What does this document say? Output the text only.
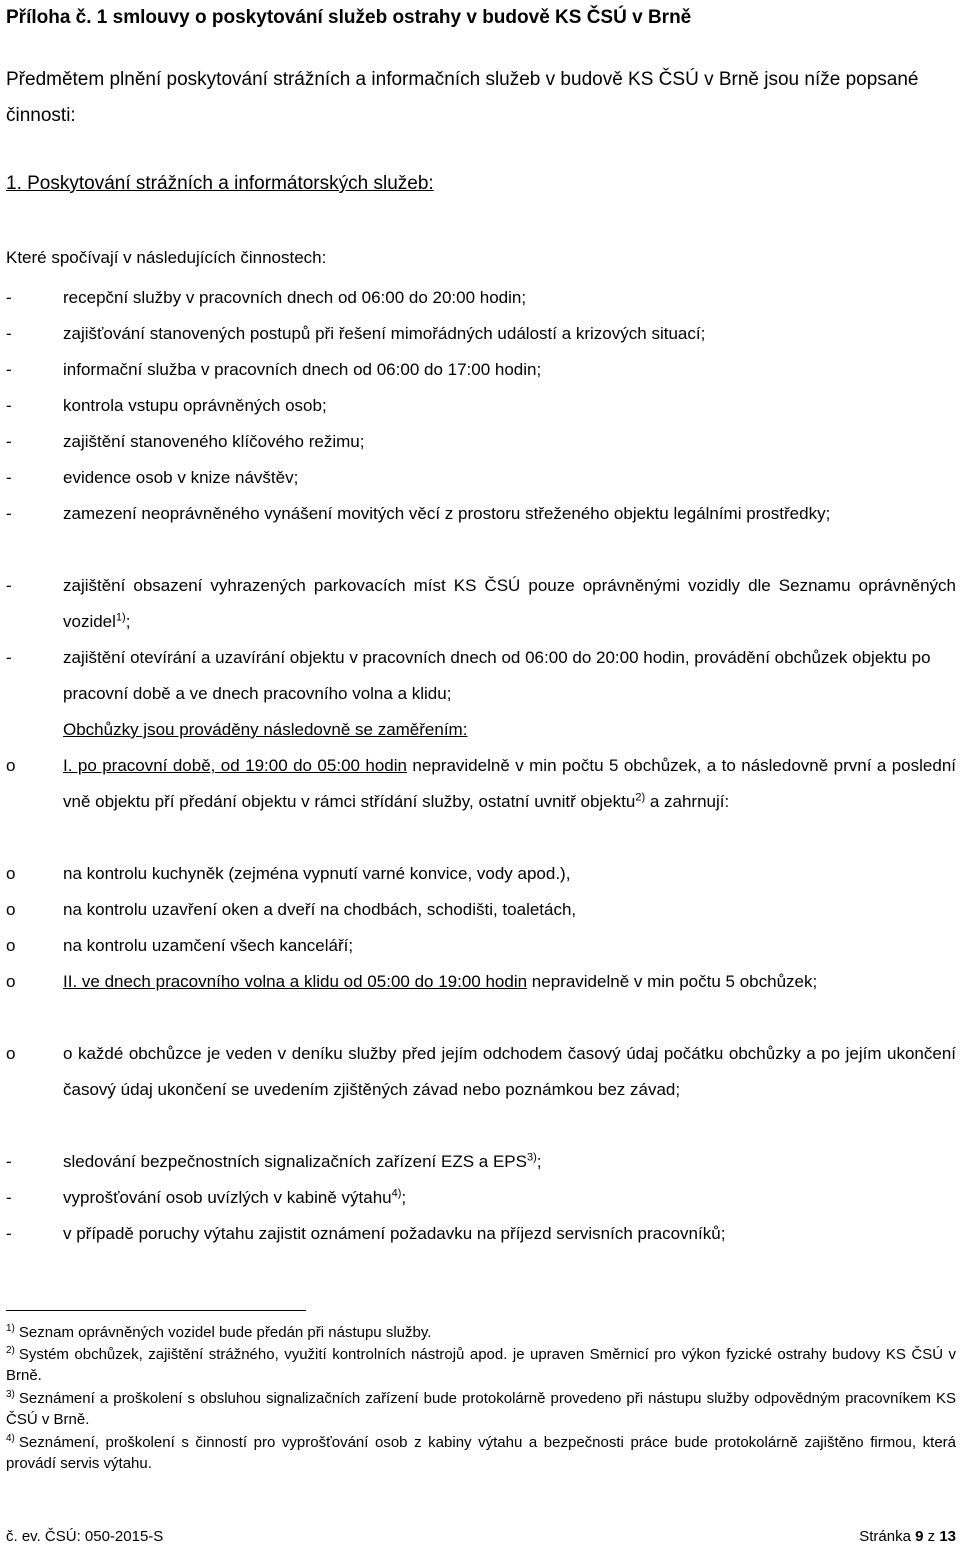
Příloha č. 1 smlouvy o poskytování služeb ostrahy v budově KS ČSÚ v Brně
Předmětem plnění poskytování strážních a informačních služeb v budově KS ČSÚ v Brně jsou níže popsané činnosti:
1. Poskytování strážních a informátorských služeb:
Které spočívají v následujících činnostech:
-	recepční služby v pracovních dnech od 06:00 do 20:00 hodin;
-	zajišťování stanovených postupů při řešení mimořádných událostí a krizových situací;
-	informační služba v pracovních dnech od 06:00 do 17:00 hodin;
-	kontrola vstupu oprávněných osob;
-	zajištění stanoveného klíčového režimu;
-	evidence osob v knize návštěv;
-	zamezení neoprávněného vynášení movitých věcí z prostoru střeženého objektu legálními prostředky;
-	zajištění obsazení vyhrazených parkovacích míst KS ČSÚ pouze oprávněnými vozidly dle Seznamu oprávněných vozidel$^{1)}$;
-	zajištění otevírání a uzavírání objektu v pracovních dnech od 06:00 do 20:00 hodin, provádění obchůzek objektu po pracovní době a ve dnech pracovního volna a klidu;
Obchůzky jsou prováděny následovně se zaměřením:
o	I. po pracovní době, od 19:00 do 05:00 hodin nepravidelně v min počtu 5 obchůzek, a to následovně první a poslední vně objektu pří předání objektu v rámci střídání služby, ostatní uvnitř objektu$^{2)}$ a zahrnují:
o	na kontrolu kuchyněk (zejména vypnutí varné konvice, vody apod.),
o	na kontrolu uzavření oken a dveří na chodbách, schodišti, toaletách,
o	na kontrolu uzamčení všech kanceláří;
o	II. ve dnech pracovního volna a klidu od 05:00 do 19:00 hodin nepravidelně v min počtu 5 obchůzek;
o	o každé obchůzce je veden v deníku služby před jejím odchodem časový údaj počátku obchůzky a po jejím ukončení časový údaj ukončení se uvedením zjištěných závad nebo poznámkou bez závad;
-	sledování bezpečnostních signalizačních zařízení EZS a EPS$^{3)}$;
-	vyprošťování osob uvízlých v kabině výtahu$^{4)}$;
-	v případě poruchy výtahu zajistit oznámení požadavku na příjezd servisních pracovníků;
$^{1)}$ Seznam oprávněných vozidel bude předán při nástupu služby.
$^{2)}$ Systém obchůzek, zajištění strážného, využití kontrolních nástrojů apod. je upraven Směrnicí pro výkon fyzické ostrahy budovy KS ČSÚ v Brně.
$^{3)}$ Seznámení a proškolení s obsluhou signalizačních zařízení bude protokolárně provedeno při nástupu služby odpovědným pracovníkem KS ČSÚ v Brně.
$^{4)}$ Seznámení, proškolení s činností pro vyprošťování osob z kabiny výtahu a bezpečnosti práce bude protokolárně zajištěno firmou, která provádí servis výtahu.
č. ev. ČSÚ: 050-2015-S	Stránka 9 z 13
